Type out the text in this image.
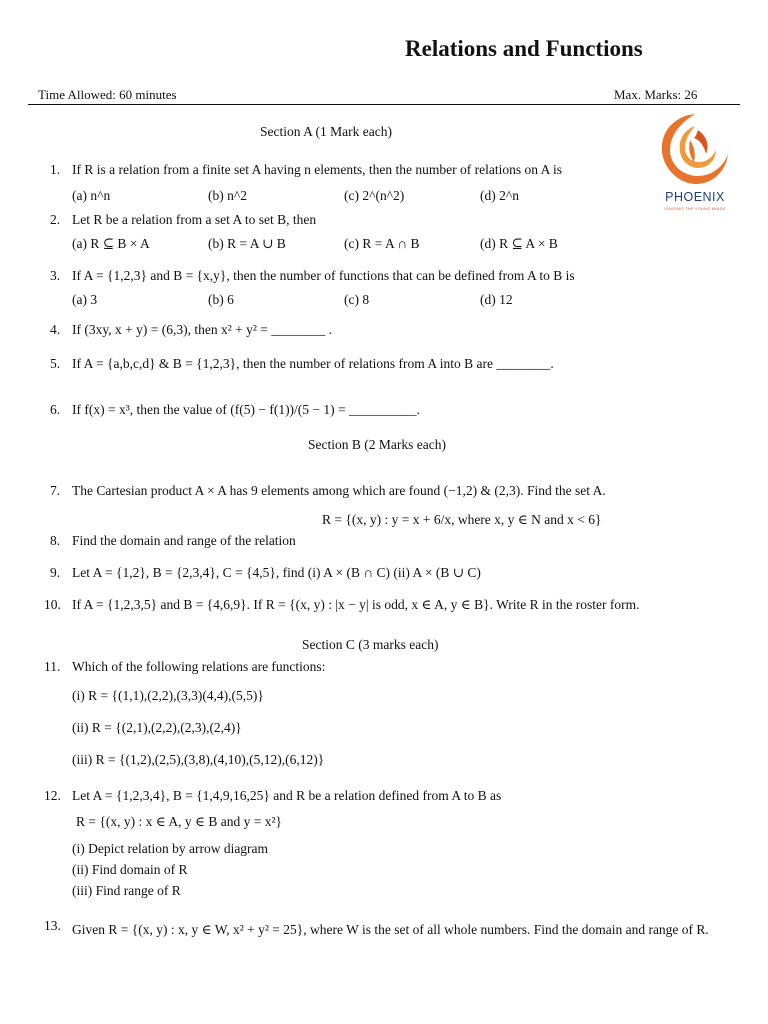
Relations and Functions
Time Allowed: 60 minutes	Max. Marks: 26
PHOENIX
IGNITING THE YOUNG MINDS
Section A (1 Mark each)
1. If R is a relation from a finite set A having n elements, then the number of relations on A is
(a) n^n	(b) n^2	(c) 2^(n^2)	(d) 2^n
2. Let R be a relation from a set A to set B, then
(a) R ⊆ B × A	(b) R = A ∪ B	(c) R = A ∩ B	(d) R ⊆ A × B
3. If A = {1,2,3} and B = {x,y}, then the number of functions that can be defined from A to B is
(a) 3	(b) 6	(c) 8	(d) 12
4. If (3xy, x + y) = (6,3), then x² + y² = ________ .
5. If A = {a,b,c,d} & B = {1,2,3}, then the number of relations from A into B are ________.
6. If f(x) = x³, then the value of (f(5) − f(1))/(5 − 1) = __________.
Section B (2 Marks each)
7. The Cartesian product A × A has 9 elements among which are found (−1,2) & (2,3). Find the set A.
R = {(x, y) : y = x + 6/x, where x, y ∈ N and x < 6}
8. Find the domain and range of the relation
9. Let A = {1,2}, B = {2,3,4}, C = {4,5}, find (i) A × (B ∩ C) (ii) A × (B ∪ C)
10. If A = {1,2,3,5} and B = {4,6,9}. If R = {(x, y) : |x − y| is odd, x ∈ A, y ∈ B}. Write R in the roster form.
Section C (3 marks each)
11. Which of the following relations are functions:
(i) R = {(1,1),(2,2),(3,3)(4,4),(5,5)}
(ii) R = {(2,1),(2,2),(2,3),(2,4)}
(iii) R = {(1,2),(2,5),(3,8),(4,10),(5,12),(6,12)}
12. Let A = {1,2,3,4}, B = {1,4,9,16,25} and R be a relation defined from A to B as
R = {(x, y) : x ∈ A, y ∈ B and y = x²}
(i) Depict relation by arrow diagram
(ii) Find domain of R
(iii) Find range of R
13. Given R = {(x, y) : x, y ∈ W, x² + y² = 25}, where W is the set of all whole numbers. Find the domain and range of R.
